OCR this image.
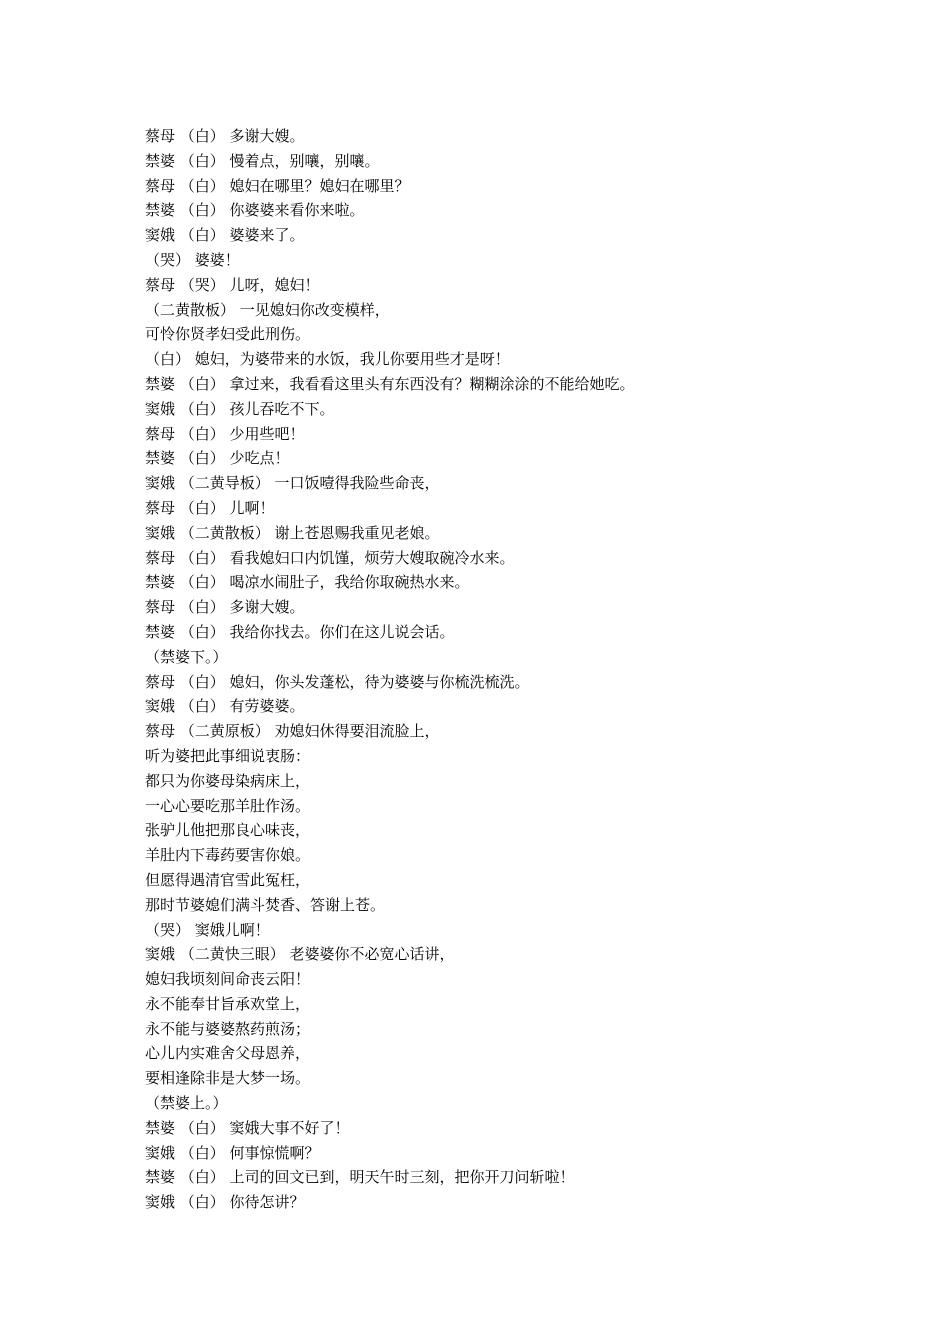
蔡母 （白） 多谢大嫂。
禁婆 （白） 慢着点，别嚷，别嚷。
蔡母 （白） 媳妇在哪里？媳妇在哪里？
禁婆 （白） 你婆婆来看你来啦。
窦娥 （白） 婆婆来了。
（哭） 婆婆！
蔡母 （哭） 儿呀，媳妇！
（二黄散板） 一见媳妇你改变模样，
可怜你贤孝妇受此刑伤。
（白） 媳妇，为婆带来的水饭，我儿你要用些才是呀！
禁婆 （白） 拿过来，我看看这里头有东西没有？糊糊涂涂的不能给她吃。
窦娥 （白） 孩儿吞吃不下。
蔡母 （白） 少用些吧！
禁婆 （白） 少吃点！
窦娥 （二黄导板） 一口饭噎得我险些命丧，
蔡母 （白） 儿啊！
窦娥 （二黄散板） 谢上苍恩赐我重见老娘。
蔡母 （白） 看我媳妇口内饥馑，烦劳大嫂取碗冷水来。
禁婆 （白） 喝凉水闹肚子，我给你取碗热水来。
蔡母 （白） 多谢大嫂。
禁婆 （白） 我给你找去。你们在这儿说会话。
（禁婆下。）
蔡母 （白） 媳妇，你头发蓬松，待为婆婆与你梳洗梳洗。
窦娥 （白） 有劳婆婆。
蔡母 （二黄原板） 劝媳妇休得要泪流脸上，
听为婆把此事细说衷肠：
都只为你婆母染病床上，
一心心要吃那羊肚作汤。
张驴儿他把那良心味丧，
羊肚内下毒药要害你娘。
但愿得遇清官雪此冤枉，
那时节婆媳们满斗焚香、答谢上苍。
（哭） 窦娥儿啊！
窦娥 （二黄快三眼） 老婆婆你不必宽心话讲，
媳妇我顷刻间命丧云阳！
永不能奉甘旨承欢堂上，
永不能与婆婆熬药煎汤；
心儿内实难舍父母恩养，
要相逢除非是大梦一场。
（禁婆上。）
禁婆 （白） 窦娥大事不好了！
窦娥 （白） 何事惊慌啊？
禁婆 （白） 上司的回文已到，明天午时三刻，把你开刀问斩啦！
窦娥 （白） 你待怎讲？
